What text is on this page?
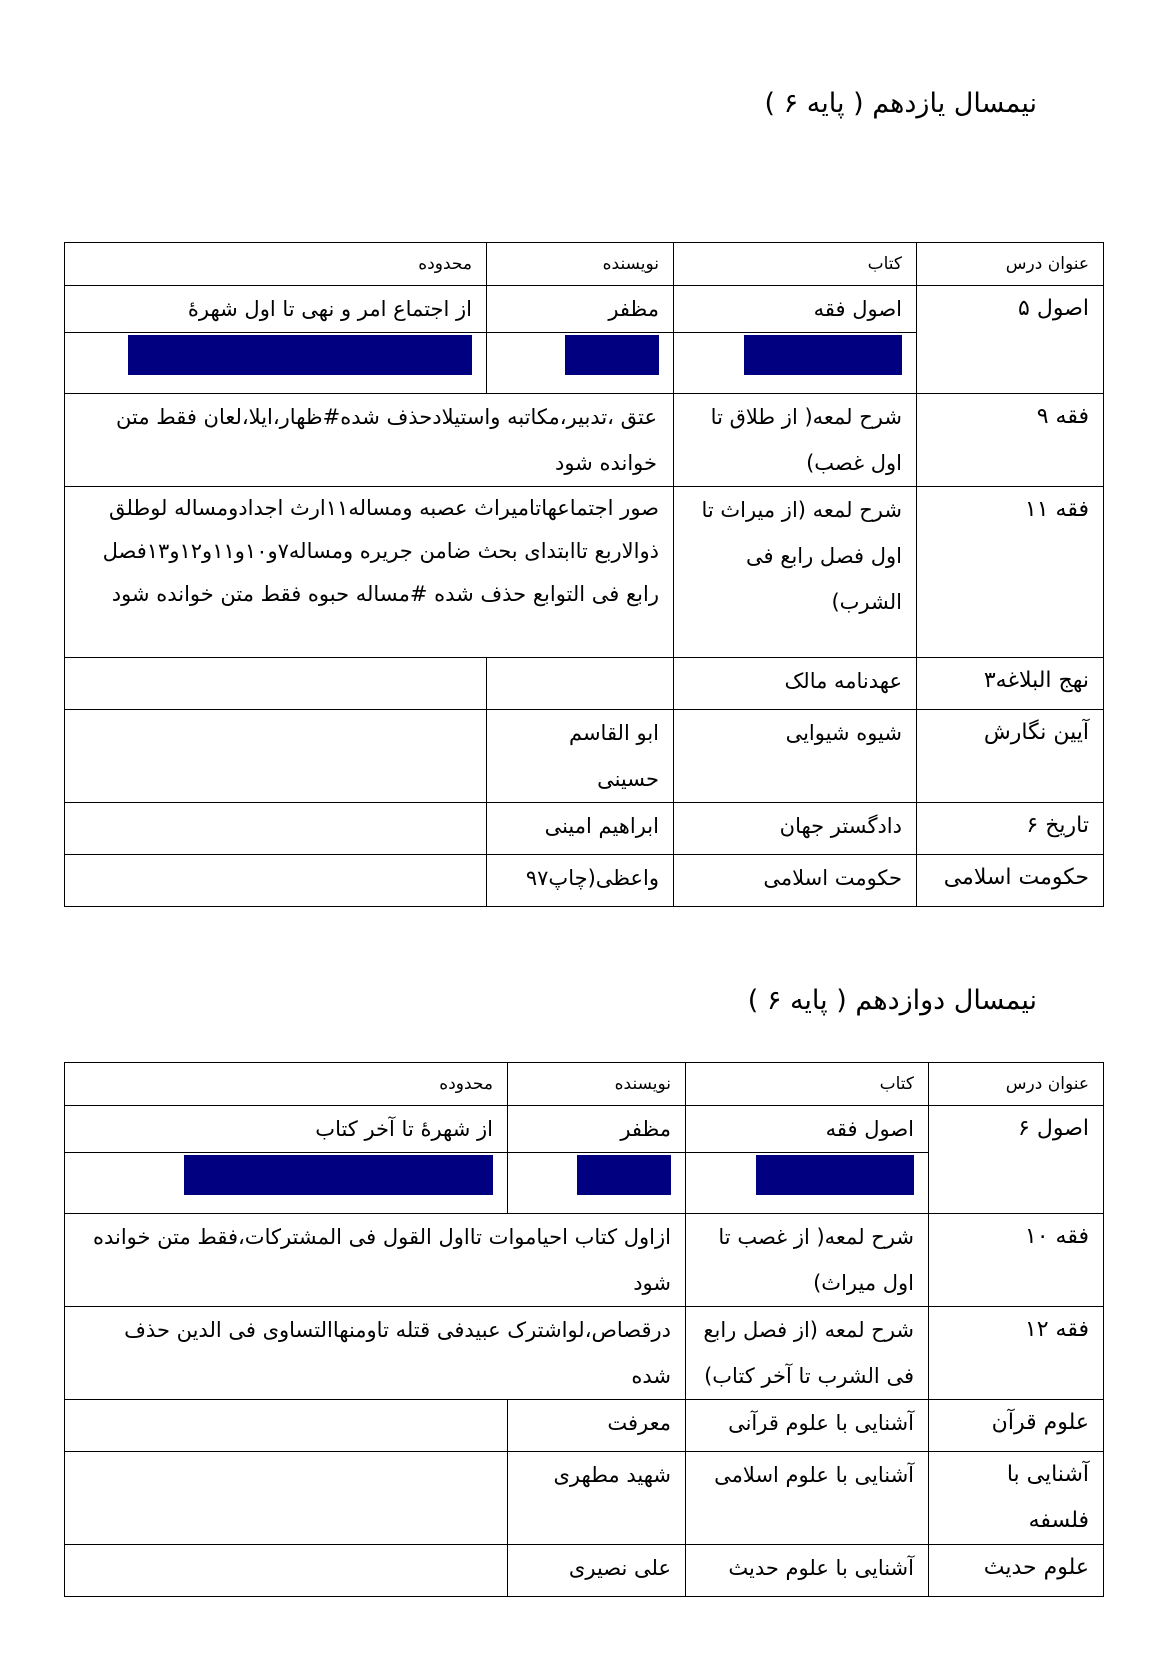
نیمسال یازدهم ( پایه ۶ )
عنوان درس	کتاب	نویسنده	محدوده
اصول ۵	اصول فقه	مظفر	از اجتماع امر و نهی تا اول شهرهٔ
	دروس (حلقه ثانیه	شهید صدر	از دلیل عقلی تا اول حجیت علم اجمالی
فقه ۹	شرح لمعه( از طلاق تا اول غصب)	عتق ،تدبیر،مکاتبه واستیلادحذف شده#ظهار،ایلا،لعان فقط متن خوانده شود	
فقه ۱۱	شرح لمعه (از میراث تا اول فصل رابع فی الشرب)	صور اجتماعهاتامیراث عصبه ومساله۱۱ارث اجدادومساله لوطلق ذوالاربع تاابتدای بحث ضامن جریره ومساله۷و۱۰و۱۱و۱۲و۱۳فصل رابع فی التوابع حذف شده #مساله حبوه فقط متن خوانده شود	
نهج البلاغه۳	عهدنامه مالک		
آیین نگارش	شیوه شیوایی	ابو القاسم حسینی	
تاریخ ۶	دادگستر جهان	ابراهیم امینی	
حکومت اسلامی	حکومت اسلامی	واعظی(چاپ۹۷	
نیمسال دوازدهم ( پایه ۶ )
عنوان درس	کتاب	نویسنده	محدوده
اصول ۶	اصول فقه	مظفر	از شهرهٔ تا آخر کتاب
	دروس (حلقه ثانیه	شهید صدر	از منجزیت علم اجمالی تا آخر کتاب
فقه ۱۰	شرح لمعه( از غصب تا اول میراث)	ازاول کتاب احیاموات تااول القول فی المشترکات،فقط متن خوانده شود	
فقه ۱۲	شرح لمعه (از فصل رابع فی الشرب تا آخر کتاب)	درقصاص،لواشترک عبیدفی قتله تاومنهاالتساوی فی الدین حذف شده	
علوم قرآن	آشنایی با علوم قرآنی	معرفت	
آشنایی با فلسفه	آشنایی با علوم اسلامی	شهید مطهری	
علوم حدیث	آشنایی با علوم حدیث	علی نصیری	
